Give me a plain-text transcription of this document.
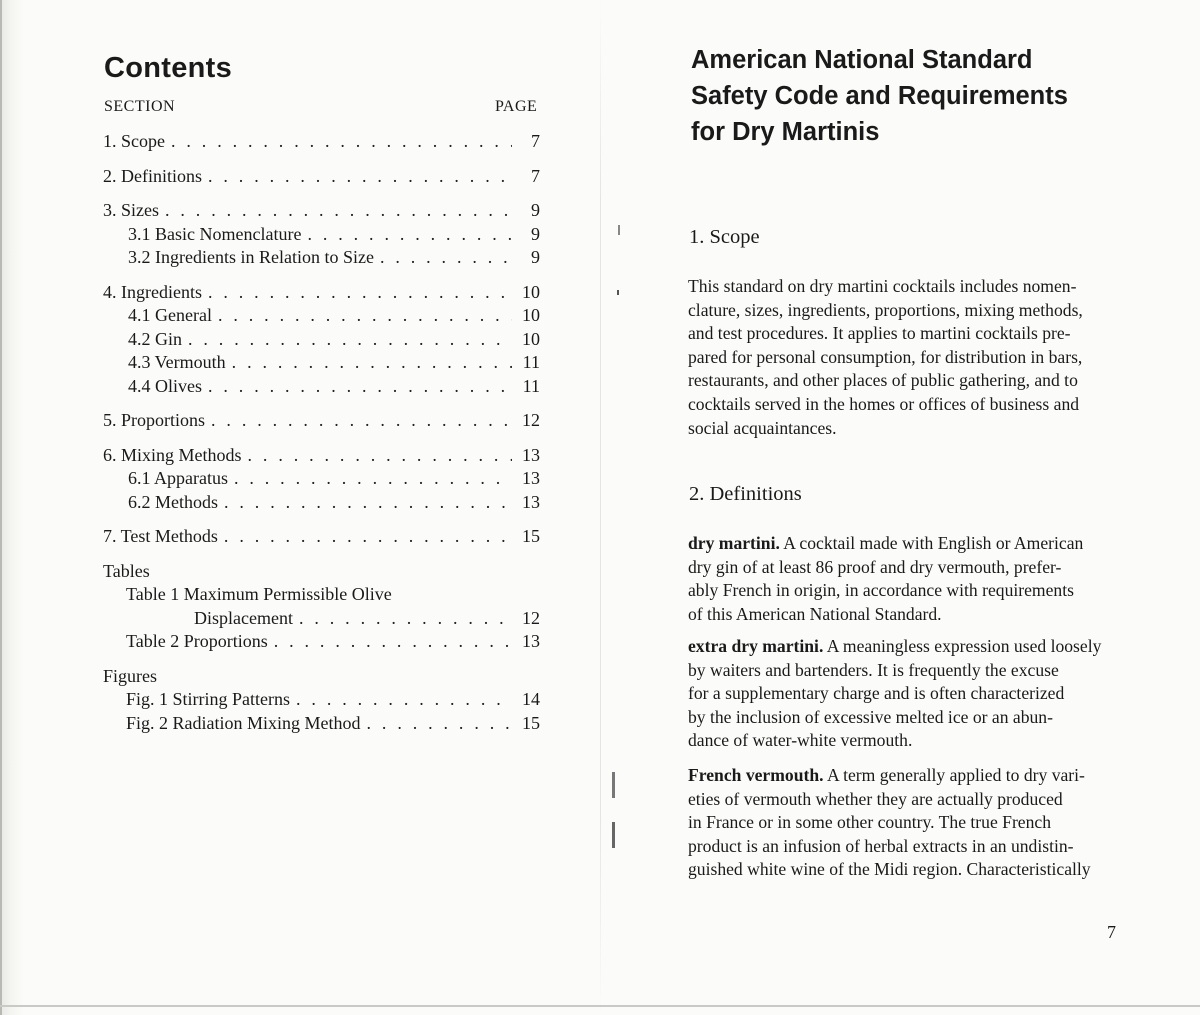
Contents
SECTION	PAGE
1. Scope . . .	7
2. Definitions . . .	7
3. Sizes . . .	9
3.1 Basic Nomenclature . . .	9
3.2 Ingredients in Relation to Size . . .	9
4. Ingredients . . .	10
4.1 General . . .	10
4.2 Gin . . .	10
4.3 Vermouth . . .	11
4.4 Olives . . .	11
5. Proportions . . .	12
6. Mixing Methods . . .	13
6.1 Apparatus . . .	13
6.2 Methods . . .	13
7. Test Methods . . .	15
Tables
Table 1 Maximum Permissible Olive
Displacement . . .	12
Table 2 Proportions . . .	13
Figures
Fig. 1 Stirring Patterns . . .	14
Fig. 2 Radiation Mixing Method . . .	15
American National Standard
Safety Code and Requirements
for Dry Martinis
1. Scope

This standard on dry martini cocktails includes nomen-
clature, sizes, ingredients, proportions, mixing methods,
and test procedures. It applies to martini cocktails pre-
pared for personal consumption, for distribution in bars,
restaurants, and other places of public gathering, and to
cocktails served in the homes or offices of business and
social acquaintances.

2. Definitions

dry martini. A cocktail made with English or American
dry gin of at least 86 proof and dry vermouth, prefer-
ably French in origin, in accordance with requirements
of this American National Standard.

extra dry martini. A meaningless expression used loosely
by waiters and bartenders. It is frequently the excuse
for a supplementary charge and is often characterized
by the inclusion of excessive melted ice or an abun-
dance of water-white vermouth.

French vermouth. A term generally applied to dry vari-
eties of vermouth whether they are actually produced
in France or in some other country. The true French
product is an infusion of herbal extracts in an undistin-
guished white wine of the Midi region. Characteristically

7
